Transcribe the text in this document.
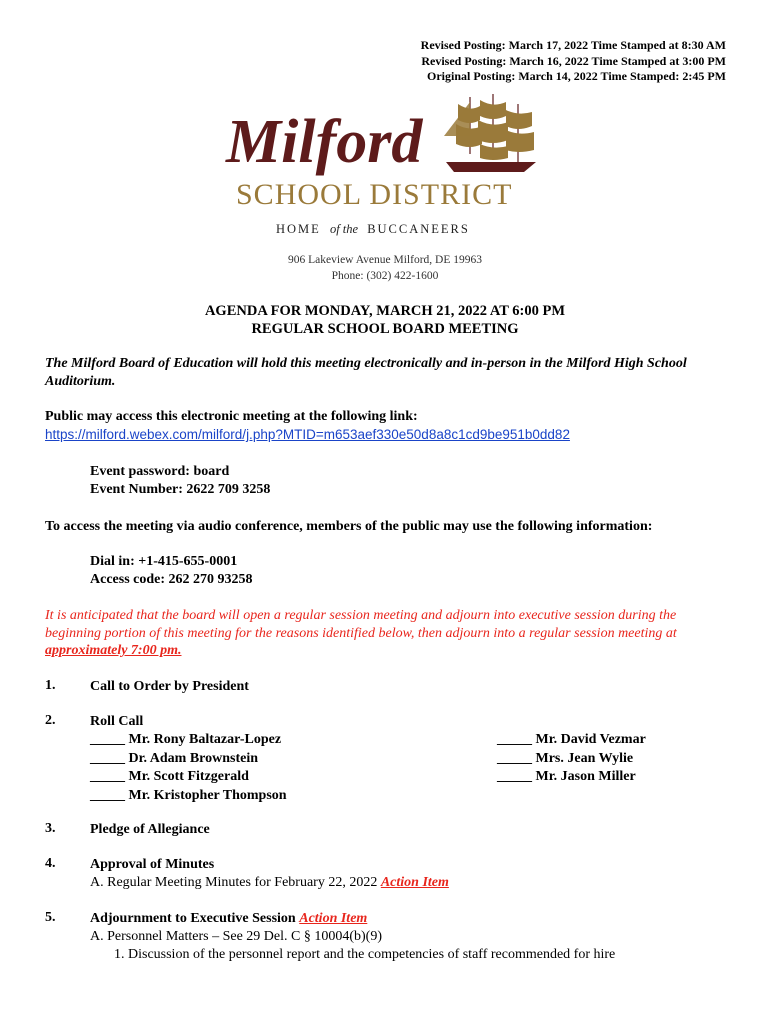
Revised Posting: March 17, 2022 Time Stamped at 8:30 AM
Revised Posting: March 16, 2022 Time Stamped at 3:00 PM
Original Posting: March 14, 2022 Time Stamped: 2:45 PM
Milford
SCHOOL DISTRICT
HOME of the BUCCANEERS
906 Lakeview Avenue Milford, DE 19963
Phone: (302) 422-1600
AGENDA FOR MONDAY, MARCH 21, 2022 AT 6:00 PM
REGULAR SCHOOL BOARD MEETING
The Milford Board of Education will hold this meeting electronically and in-person in the Milford High School Auditorium.
Public may access this electronic meeting at the following link:
https://milford.webex.com/milford/j.php?MTID=m653aef330e50d8a8c1cd9be951b0dd82
Event password: board
Event Number: 2622 709 3258
To access the meeting via audio conference, members of the public may use the following information:
Dial in: +1-415-655-0001
Access code: 262 270 93258
It is anticipated that the board will open a regular session meeting and adjourn into executive session during the beginning portion of this meeting for the reasons identified below, then adjourn into a regular session meeting at approximately 7:00 pm.
1. Call to Order by President
2. Roll Call
_____ Mr. Rony Baltazar-Lopez
_____ Dr. Adam Brownstein
_____ Mr. Scott Fitzgerald
_____ Mr. Kristopher Thompson
_____ Mr. David Vezmar
_____ Mrs. Jean Wylie
_____ Mr. Jason Miller
3. Pledge of Allegiance
4. Approval of Minutes
A. Regular Meeting Minutes for February 22, 2022 Action Item
5. Adjournment to Executive Session Action Item
A. Personnel Matters – See 29 Del. C § 10004(b)(9)
1. Discussion of the personnel report and the competencies of staff recommended for hire
